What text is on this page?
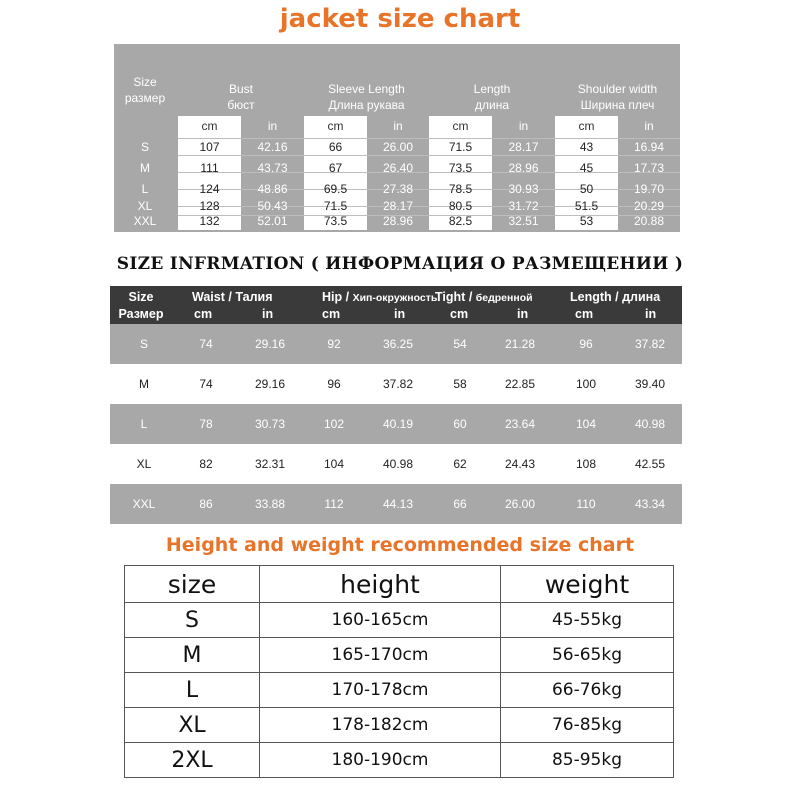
jacket size chart
Size
размер
Bust
бюст
Sleeve Length
Длина рукава
Length
длина
Shoulder width
Ширина плеч
cm	in	cm	in	cm	in	cm	in
S	107	42.16	66	26.00	71.5	28.17	43	16.94
M	111	43.73	67	26.40	73.5	28.96	45	17.73
L	124	48.86	69.5	27.38	78.5	30.93	50	19.70
XL	128	50.43	71.5	28.17	80.5	31.72	51.5	20.29
XXL	132	52.01	73.5	28.96	82.5	32.51	53	20.88
SIZE INFRMATION ( ИНФОРМАЦИЯ О РАЗМЕЩЕНИИ )
Size
Размер
Waist / Талия	Hip / Хип-окружность
Tight / бедренной	Length / длина
cm	in	cm	in	cm	in	cm	in
S	74	29.16	92	36.25	54	21.28	96	37.82
M	74	29.16	96	37.82	58	22.85	100	39.40
L	78	30.73	102	40.19	60	23.64	104	40.98
XL	82	32.31	104	40.98	62	24.43	108	42.55
XXL	86	33.88	112	44.13	66	26.00	110	43.34
Height and weight recommended size chart
size	height	weight
S	160-165cm	45-55kg
M	165-170cm	56-65kg
L	170-178cm	66-76kg
XL	178-182cm	76-85kg
2XL	180-190cm	85-95kg
